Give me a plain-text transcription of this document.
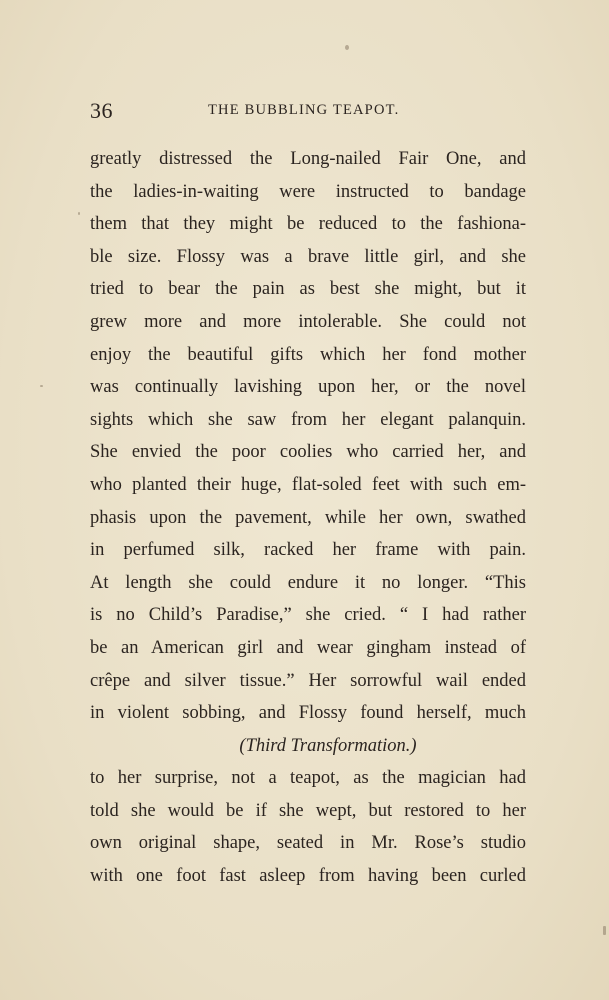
36	THE BUBBLING TEAPOT.
greatly distressed the Long-nailed Fair One, and
the ladies-in-waiting were instructed to bandage
them that they might be reduced to the fashiona-
ble size. Flossy was a brave little girl, and she
tried to bear the pain as best she might, but it
grew more and more intolerable. She could not
enjoy the beautiful gifts which her fond mother
was continually lavishing upon her, or the novel
sights which she saw from her elegant palanquin.
She envied the poor coolies who carried her, and
who planted their huge, flat-soled feet with such em-
phasis upon the pavement, while her own, swathed
in perfumed silk, racked her frame with pain.
At length she could endure it no longer. “This
is no Child’s Paradise,” she cried. “ I had rather
be an American girl and wear gingham instead of
crêpe and silver tissue.” Her sorrowful wail ended
in violent sobbing, and Flossy found herself, much
(Third Transformation.)
to her surprise, not a teapot, as the magician had
told she would be if she wept, but restored to her
own original shape, seated in Mr. Rose’s studio
with one foot fast asleep from having been curled
